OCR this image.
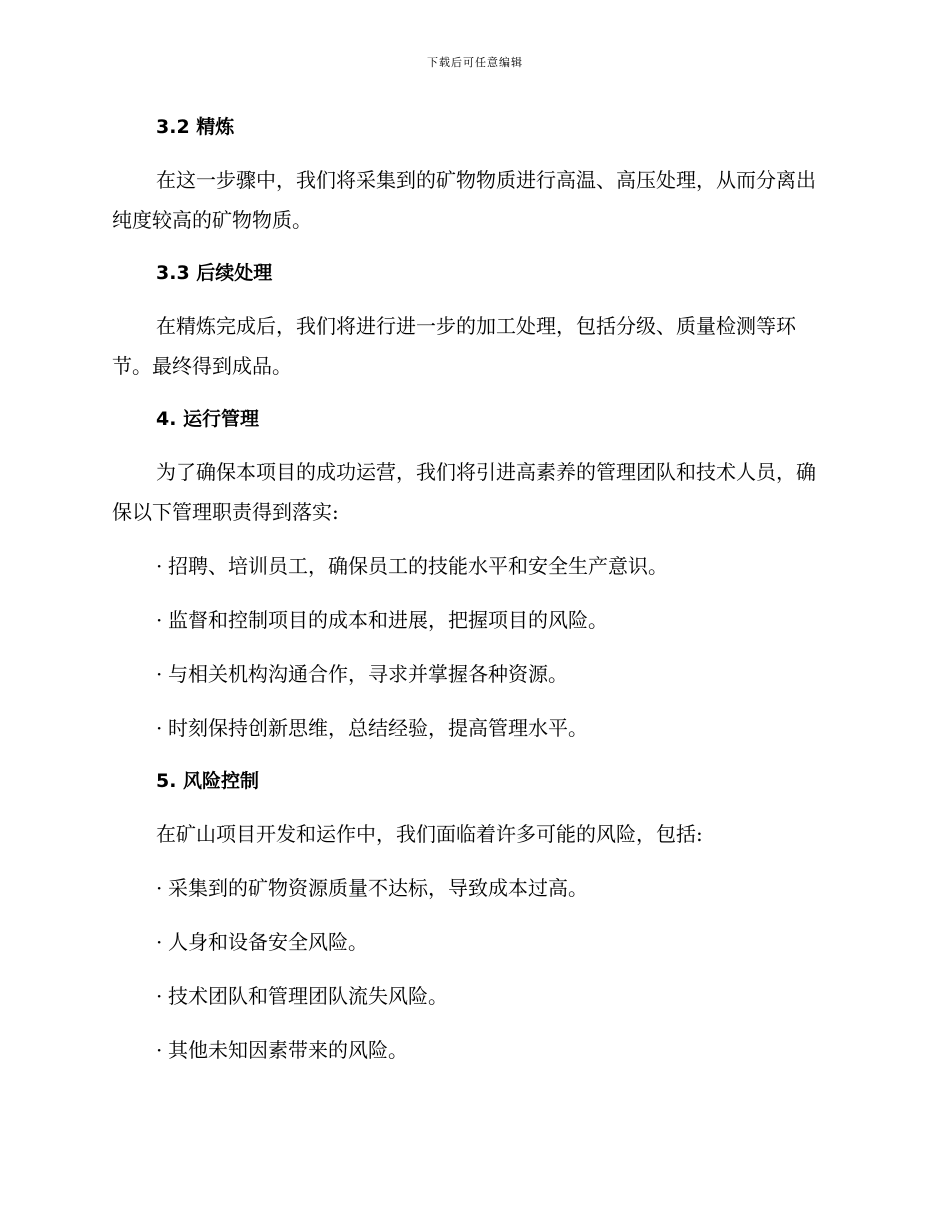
下载后可任意编辑
3.2 精炼
在这一步骤中，我们将采集到的矿物物质进行高温、高压处理，从而分离出纯度较高的矿物物质。
3.3 后续处理
在精炼完成后，我们将进行进一步的加工处理，包括分级、质量检测等环节。最终得到成品。
4. 运行管理
为了确保本项目的成功运营，我们将引进高素养的管理团队和技术人员，确保以下管理职责得到落实:
· 招聘、培训员工，确保员工的技能水平和安全生产意识。
· 监督和控制项目的成本和进展，把握项目的风险。
· 与相关机构沟通合作，寻求并掌握各种资源。
· 时刻保持创新思维，总结经验，提高管理水平。
5. 风险控制
在矿山项目开发和运作中，我们面临着许多可能的风险，包括:
· 采集到的矿物资源质量不达标，导致成本过高。
· 人身和设备安全风险。
· 技术团队和管理团队流失风险。
· 其他未知因素带来的风险。
